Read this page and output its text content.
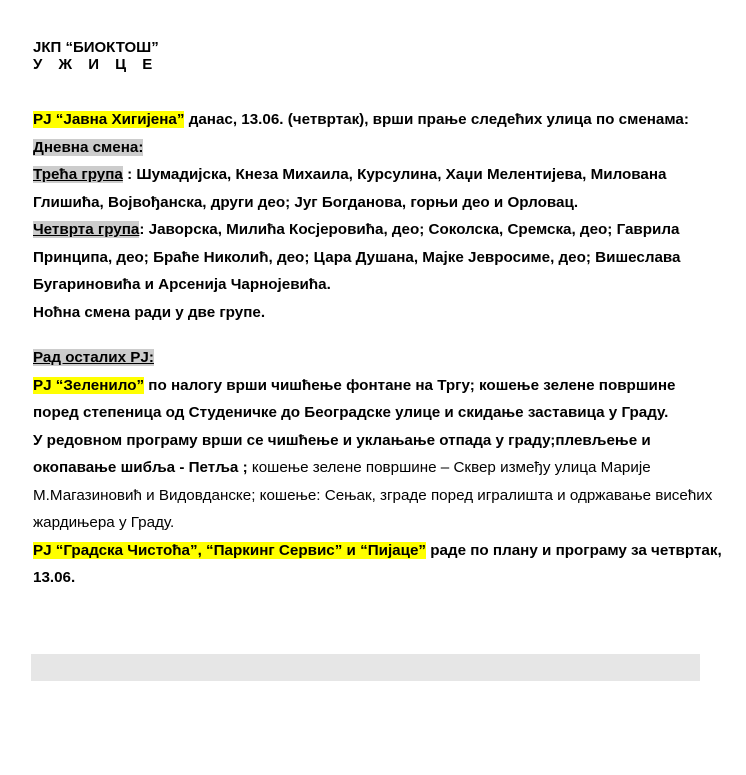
ЈКП “БИОКТОШ”
У Ж И Ц Е

РЈ “Јавна Хигијена” данас, 13.06. (четвртак), врши прање следећих улица по сменама:

Дневна смена:

Трећа група : Шумадијска, Кнеза Михаила, Курсулина, Хаџи Мелентијева, Милована Глишића, Војвођанска, други део; Југ Богданова, горњи део и Орловац.

Четврта група: Јаворска, Милића Косјеровића, део; Соколска, Сремска, део; Гаврила Принципа, део; Браће Николић, део; Цара Душана, Мајке Јевросиме, део; Вишеслава Бугариновића и Арсенија Чарнојевића.

Ноћна смена ради у две групе.

Рад осталих РЈ:

РЈ “Зеленило” по налогу врши чишћење фонтане на Тргу; кошење зелене површине поред степеница од Студеничке до Београдске улице и скидање заставица у Граду.

У редовном програму врши се чишћење и уклањање отпада у граду;плевљење и окопавање шибља - Петља ; кошење зелене површине – Сквер између улица Марије М.Магазиновић и Видовданске; кошење: Сењак, зграде поред игралишта и одржавање висећих жардињера у Граду.

РЈ “Градска Чистоћа”, “Паркинг Сервис” и “Пијаце” раде по плану и програму за четвртак, 13.06.
